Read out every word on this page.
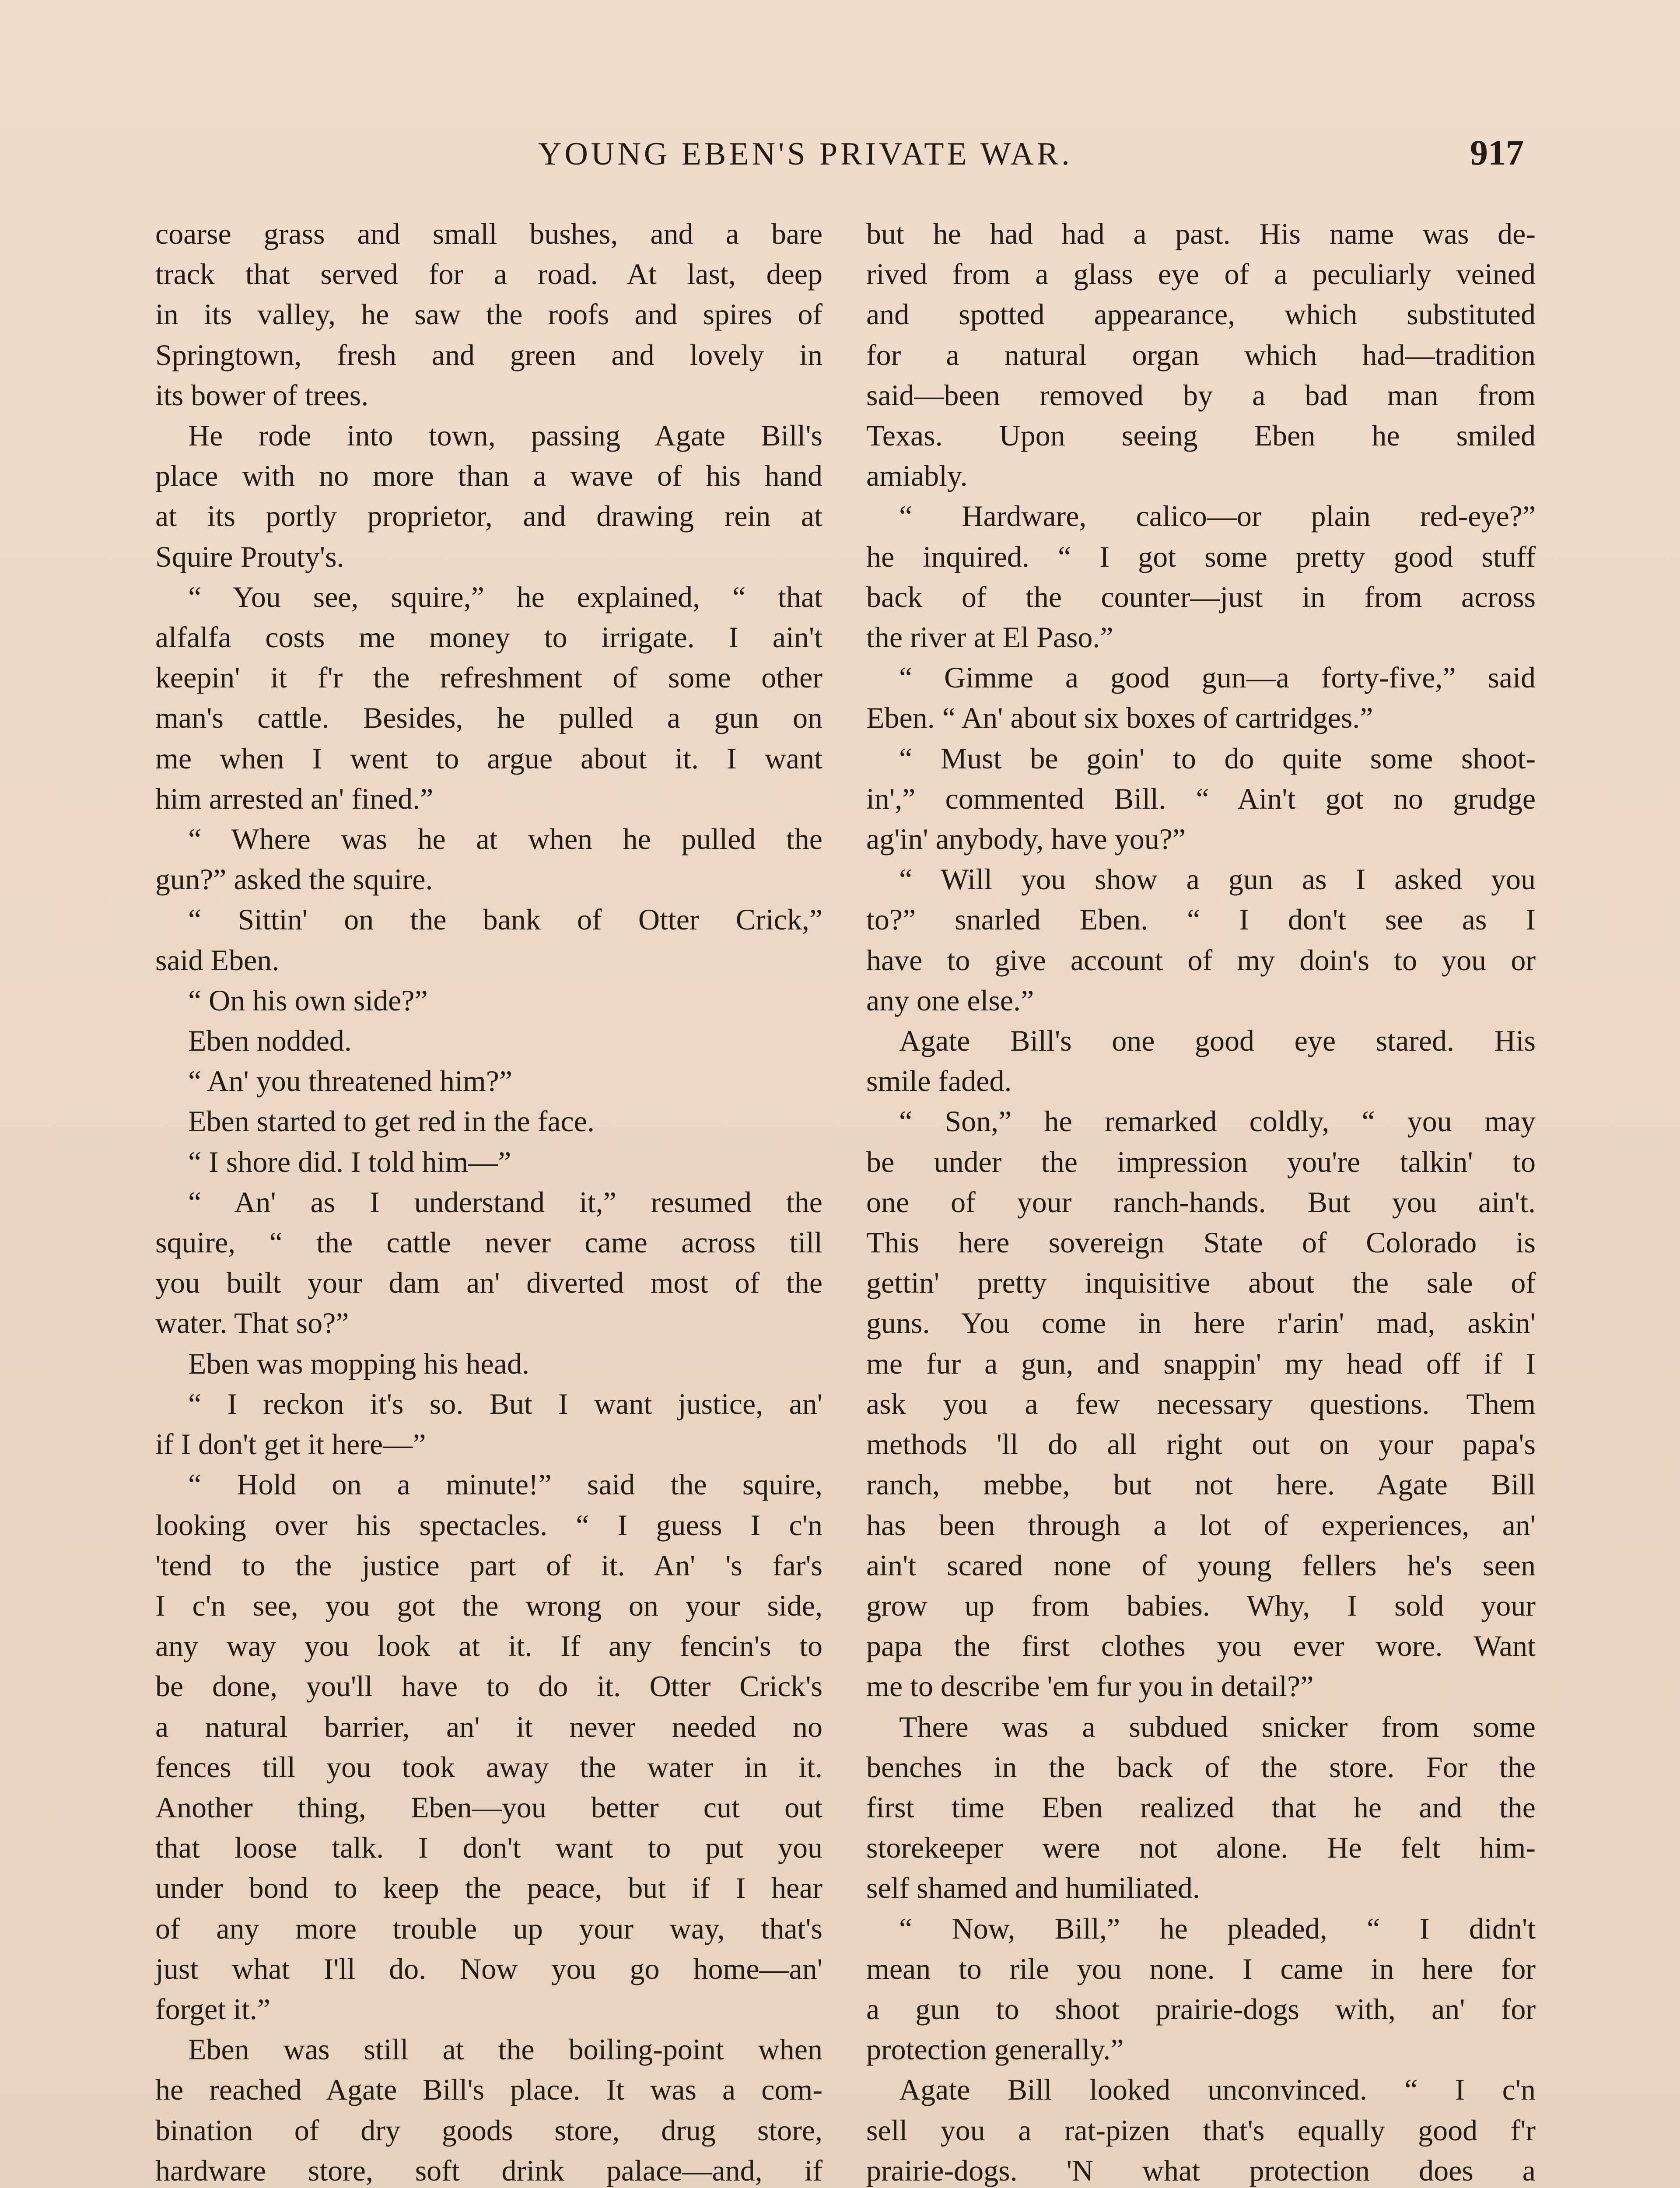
YOUNG EBEN'S PRIVATE WAR.	917

coarse grass and small bushes, and a bare

track that served for a road. At last, deep

in its valley, he saw the roofs and spires of

Springtown, fresh and green and lovely in

its bower of trees.

He rode into town, passing Agate Bill's

place with no more than a wave of his hand

at its portly proprietor, and drawing rein at

Squire Prouty's.

“ You see, squire,” he explained, “ that

alfalfa costs me money to irrigate. I ain't

keepin' it f'r the refreshment of some other

man's cattle. Besides, he pulled a gun on

me when I went to argue about it. I want

him arrested an' fined.”

“ Where was he at when he pulled the

gun?” asked the squire.

“ Sittin' on the bank of Otter Crick,”

said Eben.

“ On his own side?”

Eben nodded.

“ An' you threatened him?”

Eben started to get red in the face.

“ I shore did. I told him—”

“ An' as I understand it,” resumed the

squire, “ the cattle never came across till

you built your dam an' diverted most of the

water. That so?”

Eben was mopping his head.

“ I reckon it's so. But I want justice, an'

if I don't get it here—”

“ Hold on a minute!” said the squire,

looking over his spectacles. “ I guess I c'n

'tend to the justice part of it. An' 's far's

I c'n see, you got the wrong on your side,

any way you look at it. If any fencin's to

be done, you'll have to do it. Otter Crick's

a natural barrier, an' it never needed no

fences till you took away the water in it.

Another thing, Eben—you better cut out

that loose talk. I don't want to put you

under bond to keep the peace, but if I hear

of any more trouble up your way, that's

just what I'll do. Now you go home—an'

forget it.”

Eben was still at the boiling-point when

he reached Agate Bill's place. It was a com-

bination of dry goods store, drug store,

hardware store, soft drink palace—and, if

but he had had a past. His name was de-

rived from a glass eye of a peculiarly veined

and spotted appearance, which substituted

for a natural organ which had—tradition

said—been removed by a bad man from

Texas. Upon seeing Eben he smiled

amiably.

“ Hardware, calico—or plain red-eye?”

he inquired. “ I got some pretty good stuff

back of the counter—just in from across

the river at El Paso.”

“ Gimme a good gun—a forty-five,” said

Eben. “ An' about six boxes of cartridges.”

“ Must be goin' to do quite some shoot-

in',” commented Bill. “ Ain't got no grudge

ag'in' anybody, have you?”

“ Will you show a gun as I asked you

to?” snarled Eben. “ I don't see as I

have to give account of my doin's to you or

any one else.”

Agate Bill's one good eye stared. His

smile faded.

“ Son,” he remarked coldly, “ you may

be under the impression you're talkin' to

one of your ranch-hands. But you ain't.

This here sovereign State of Colorado is

gettin' pretty inquisitive about the sale of

guns. You come in here r'arin' mad, askin'

me fur a gun, and snappin' my head off if I

ask you a few necessary questions. Them

methods 'll do all right out on your papa's

ranch, mebbe, but not here. Agate Bill

has been through a lot of experiences, an'

ain't scared none of young fellers he's seen

grow up from babies. Why, I sold your

papa the first clothes you ever wore. Want

me to describe 'em fur you in detail?”

There was a subdued snicker from some

benches in the back of the store. For the

first time Eben realized that he and the

storekeeper were not alone. He felt him-

self shamed and humiliated.

“ Now, Bill,” he pleaded, “ I didn't

mean to rile you none. I came in here for

a gun to shoot prairie-dogs with, an' for

protection generally.”

Agate Bill looked unconvinced. “ I c'n

sell you a rat-pizen that's equally good f'r

prairie-dogs. 'N what protection does a
